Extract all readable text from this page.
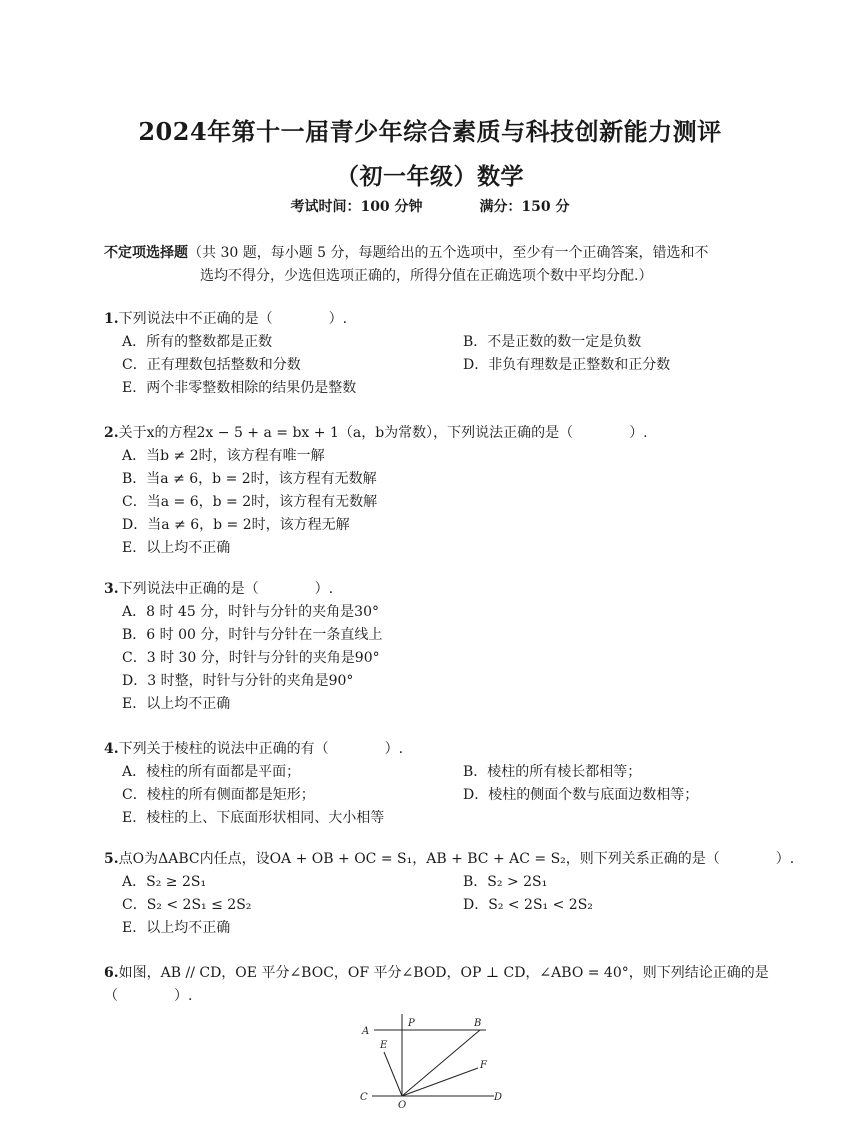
2024年第十一届青少年综合素质与科技创新能力测评
（初一年级）数学
考试时间：100 分钟	满分：150 分
不定项选择题（共 30 题，每小题 5 分，每题给出的五个选项中，至少有一个正确答案，错选和不
选均不得分，少选但选项正确的，所得分值在正确选项个数中平均分配.）
1.下列说法中不正确的是（	）.
A．所有的整数都是正数	B．不是正数的数一定是负数
C．正有理数包括整数和分数	D．非负有理数是正整数和正分数
E．两个非零整数相除的结果仍是整数
2.关于x的方程2x − 5 + a = bx + 1（a，b为常数），下列说法正确的是（	）.
A．当b ≠ 2时，该方程有唯一解
B．当a ≠ 6，b = 2时，该方程有无数解
C．当a = 6，b = 2时，该方程有无数解
D．当a ≠ 6，b = 2时，该方程无解
E．以上均不正确
3.下列说法中正确的是（	）.
A．8 时 45 分，时针与分针的夹角是30°
B．6 时 00 分，时针与分针在一条直线上
C．3 时 30 分，时针与分针的夹角是90°
D．3 时整，时针与分针的夹角是90°
E．以上均不正确
4.下列关于棱柱的说法中正确的有（	）.
A．棱柱的所有面都是平面；	B．棱柱的所有棱长都相等；
C．棱柱的所有侧面都是矩形；	D．棱柱的侧面个数与底面边数相等；
E．棱柱的上、下底面形状相同、大小相等
5.点O为ΔABC内任点，设OA + OB + OC = S₁，AB + BC + AC = S₂，则下列关系正确的是（	）.
A．S₂ ≥ 2S₁	B．S₂ > 2S₁
C．S₂ < 2S₁ ≤ 2S₂	D．S₂ < 2S₁ < 2S₂
E．以上均不正确
6.如图，AB // CD，OE 平分∠BOC，OF 平分∠BOD，OP ⊥ CD，∠ABO = 40°，则下列结论正确的是
（	）.
A
P	B
E
F
C
O
D
